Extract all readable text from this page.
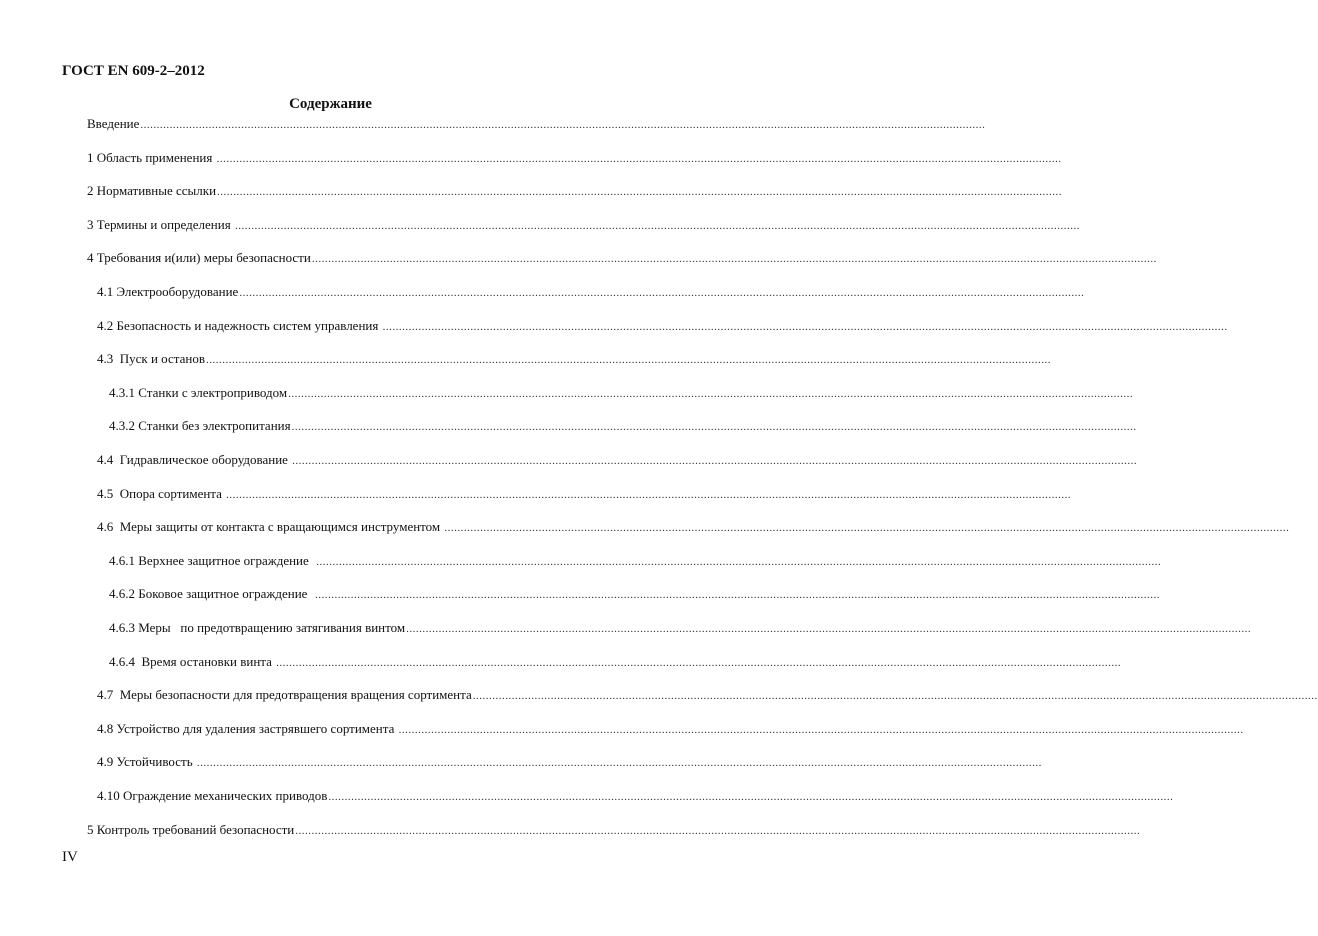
ГОСТ EN 609-2–2012
Содержание
Введение ....................................................................................................................................................................................................................................................................
1 Область применения ....................................................................................................................................................................................................................................................................
2 Нормативные ссылки ....................................................................................................................................................................................................................................................................
3 Термины и определения ....................................................................................................................................................................................................................................................................
4 Требования и(или) меры безопасности ....................................................................................................................................................................................................................................................................
4.1 Электрооборудование ....................................................................................................................................................................................................................................................................
4.2 Безопасность и надежность систем управления ....................................................................................................................................................................................................................................................................
4.3  Пуск и останов ....................................................................................................................................................................................................................................................................
4.3.1 Станки с электроприводом ....................................................................................................................................................................................................................................................................
4.3.2 Станки без электропитания ....................................................................................................................................................................................................................................................................
4.4  Гидравлическое оборудование ....................................................................................................................................................................................................................................................................
4.5  Опора сортимента ....................................................................................................................................................................................................................................................................
4.6  Меры защиты от контакта с вращающимся инструментом ....................................................................................................................................................................................................................................................................
4.6.1 Верхнее защитное ограждение ....................................................................................................................................................................................................................................................................
4.6.2 Боковое защитное ограждение ....................................................................................................................................................................................................................................................................
4.6.3 Меры   по предотвращению затягивания винтом ....................................................................................................................................................................................................................................................................
4.6.4  Время остановки винта ....................................................................................................................................................................................................................................................................
4.7  Меры безопасности для предотвращения вращения сортимента ....................................................................................................................................................................................................................................................................
4.8 Устройство для удаления застрявшего сортимента ....................................................................................................................................................................................................................................................................
4.9 Устойчивость ....................................................................................................................................................................................................................................................................
4.10 Ограждение механических приводов ....................................................................................................................................................................................................................................................................
5 Контроль требований безопасности ....................................................................................................................................................................................................................................................................
IV
